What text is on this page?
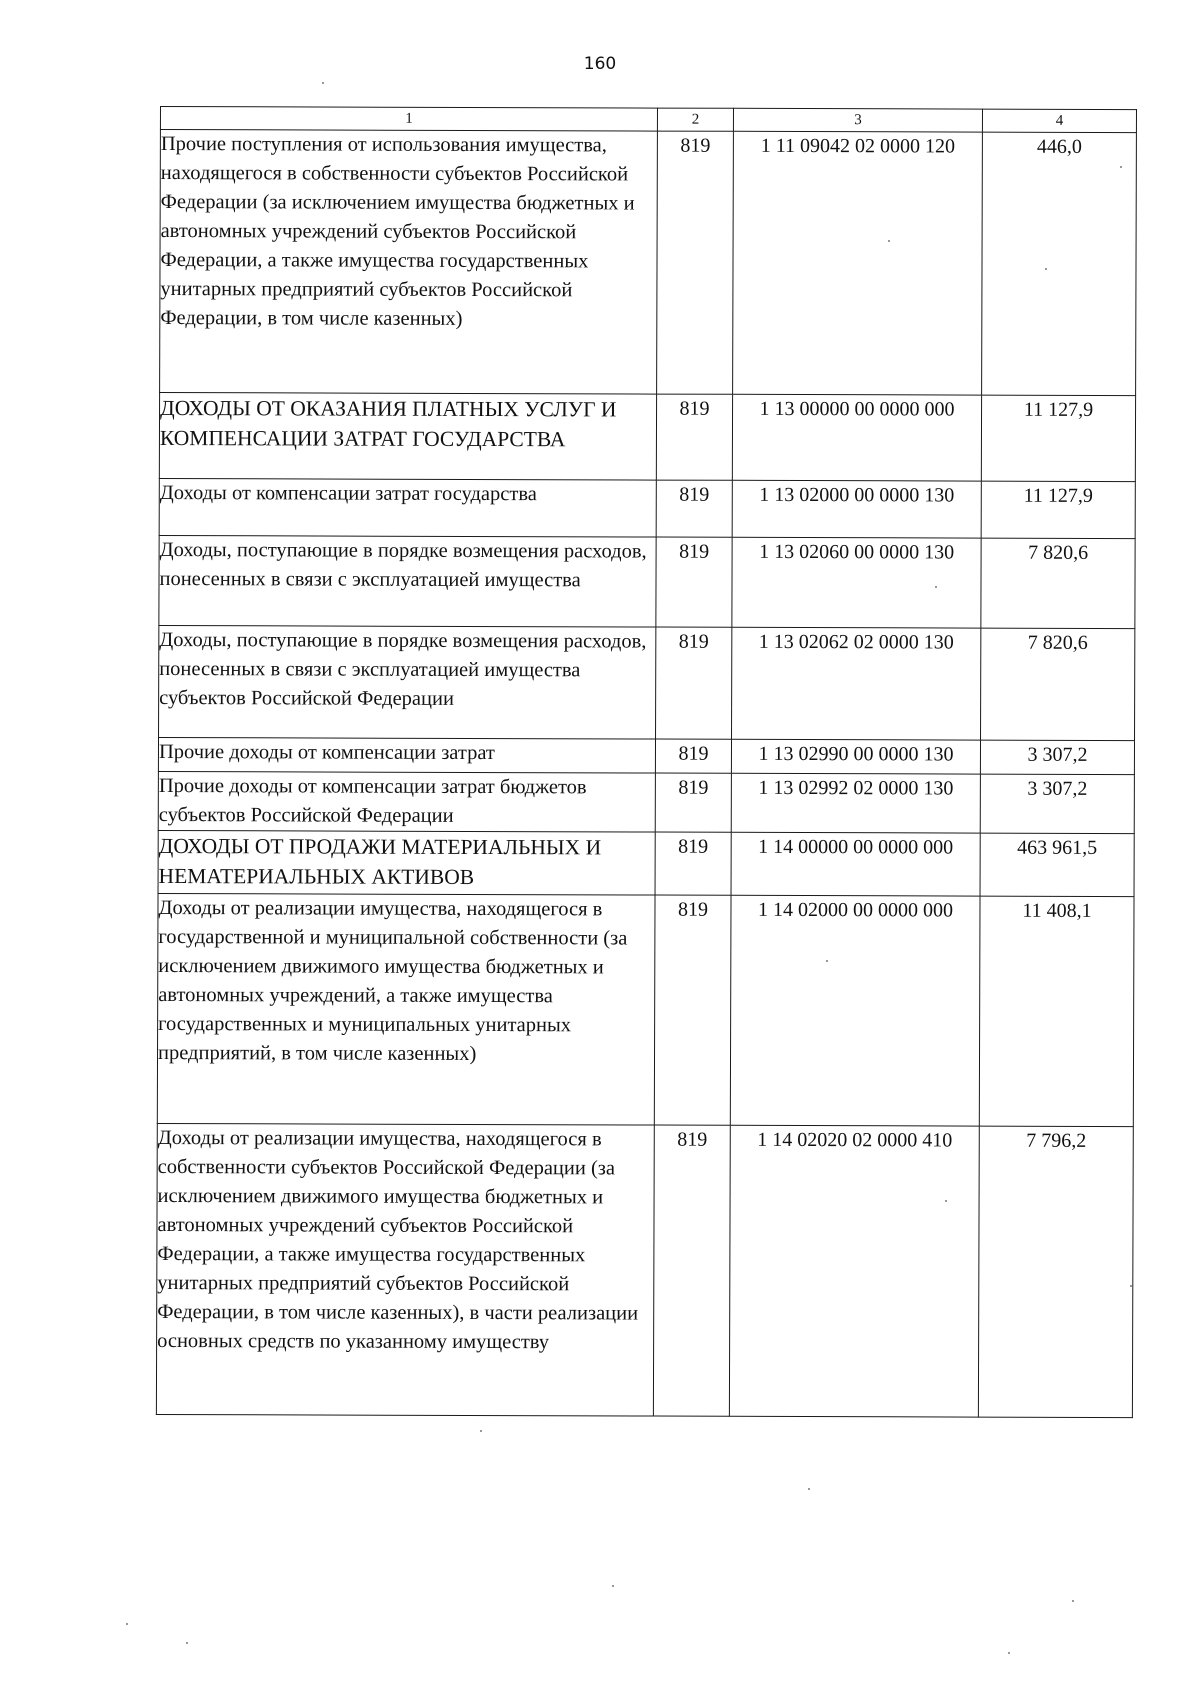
160
1	2	3	4
Прочие поступления от использования имущества, находящегося в собственности субъектов Российской Федерации (за исключением имущества бюджетных и автономных учреждений субъектов Российской Федерации, а также имущества государственных унитарных предприятий субъектов Российской Федерации, в том числе казенных)	819	1 11 09042 02 0000 120	446,0
ДОХОДЫ ОТ ОКАЗАНИЯ ПЛАТНЫХ УСЛУГ И КОМПЕНСАЦИИ ЗАТРАТ ГОСУДАРСТВА	819	1 13 00000 00 0000 000	11 127,9
Доходы от компенсации затрат государства	819	1 13 02000 00 0000 130	11 127,9
Доходы, поступающие в порядке возмещения расходов, понесенных в связи с эксплуатацией имущества	819	1 13 02060 00 0000 130	7 820,6
Доходы, поступающие в порядке возмещения расходов, понесенных в связи с эксплуатацией имущества субъектов Российской Федерации	819	1 13 02062 02 0000 130	7 820,6
Прочие доходы от компенсации затрат	819	1 13 02990 00 0000 130	3 307,2
Прочие доходы от компенсации затрат бюджетов субъектов Российской Федерации	819	1 13 02992 02 0000 130	3 307,2
ДОХОДЫ ОТ ПРОДАЖИ МАТЕРИАЛЬНЫХ И НЕМАТЕРИАЛЬНЫХ АКТИВОВ	819	1 14 00000 00 0000 000	463 961,5
Доходы от реализации имущества, находящегося в государственной и муниципальной собственности (за исключением движимого имущества бюджетных и автономных учреждений, а также имущества государственных и муниципальных унитарных предприятий, в том числе казенных)	819	1 14 02000 00 0000 000	11 408,1
Доходы от реализации имущества, находящегося в собственности субъектов Российской Федерации (за исключением движимого имущества бюджетных и автономных учреждений субъектов Российской Федерации, а также имущества государственных унитарных предприятий субъектов Российской Федерации, в том числе казенных), в части реализации основных средств по указанному имуществу	819	1 14 02020 02 0000 410	7 796,2
